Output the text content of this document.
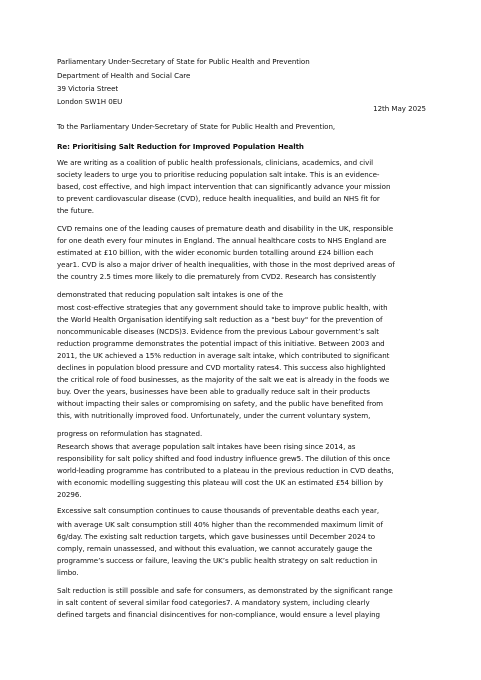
Parliamentary Under-Secretary of State for Public Health and Prevention

Department of Health and Social Care

39 Victoria Street

London SW1H 0EU

12th May 2025

To the Parliamentary Under-Secretary of State for Public Health and Prevention,

Re: Prioritising Salt Reduction for Improved Population Health

We are writing as a coalition of public health professionals, clinicians, academics, and civil

society leaders to urge you to prioritise reducing population salt intake. This is an evidence-

based, cost effective, and high impact intervention that can significantly advance your mission

to prevent cardiovascular disease (CVD), reduce health inequalities, and build an NHS fit for

the future.

CVD remains one of the leading causes of premature death and disability in the UK, responsible

for one death every four minutes in England. The annual healthcare costs to NHS England are

estimated at £10 billion, with the wider economic burden totalling around £24 billion each

year1. CVD is also a major driver of health inequalities, with those in the most deprived areas of

the country 2.5 times more likely to die prematurely from CVD2. Research has consistently

demonstrated that reducing population salt intakes is one of the

most cost-effective strategies that any government should take to improve public health, with

the World Health Organisation identifying salt reduction as a "best buy" for the prevention of

noncommunicable diseases (NCDS)3. Evidence from the previous Labour government’s salt

reduction programme demonstrates the potential impact of this initiative. Between 2003 and

2011, the UK achieved a 15% reduction in average salt intake, which contributed to significant

declines in population blood pressure and CVD mortality rates4. This success also highlighted

the critical role of food businesses, as the majority of the salt we eat is already in the foods we

buy. Over the years, businesses have been able to gradually reduce salt in their products

without impacting their sales or compromising on safety, and the public have benefited from

this, with nutritionally improved food. Unfortunately, under the current voluntary system,

progress on reformulation has stagnated.

Research shows that average population salt intakes have been rising since 2014, as

responsibility for salt policy shifted and food industry influence grew5. The dilution of this once

world-leading programme has contributed to a plateau in the previous reduction in CVD deaths,

with economic modelling suggesting this plateau will cost the UK an estimated £54 billion by

20296.

Excessive salt consumption continues to cause thousands of preventable deaths each year,

with average UK salt consumption still 40% higher than the recommended maximum limit of

6g/day. The existing salt reduction targets, which gave businesses until December 2024 to

comply, remain unassessed, and without this evaluation, we cannot accurately gauge the

programme’s success or failure, leaving the UK’s public health strategy on salt reduction in

limbo.

Salt reduction is still possible and safe for consumers, as demonstrated by the significant range

in salt content of several similar food categories7. A mandatory system, including clearly

defined targets and financial disincentives for non-compliance, would ensure a level playing
